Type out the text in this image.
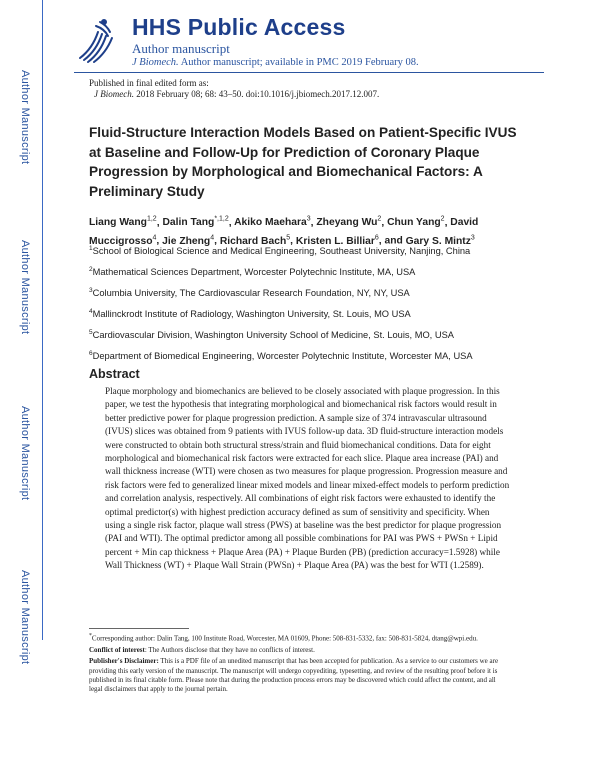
Author Manuscript
Author Manuscript
Author Manuscript
Author Manuscript
HHS Public Access
Author manuscript
J Biomech. Author manuscript; available in PMC 2019 February 08.
Published in final edited form as:
J Biomech. 2018 February 08; 68: 43–50. doi:10.1016/j.jbiomech.2017.12.007.
Fluid-Structure Interaction Models Based on Patient-Specific IVUS at Baseline and Follow-Up for Prediction of Coronary Plaque Progression by Morphological and Biomechanical Factors: A Preliminary Study
Liang Wang$^{1,2}$, Dalin Tang$^{*,1,2}$, Akiko Maehara$^3$, Zheyang Wu$^2$, Chun Yang$^2$, David Muccigrosso$^4$, Jie Zheng$^4$, Richard Bach$^5$, Kristen L. Billiar$^6$, and Gary S. Mintz$^3$
$^1$School of Biological Science and Medical Engineering, Southeast University, Nanjing, China
$^2$Mathematical Sciences Department, Worcester Polytechnic Institute, MA, USA
$^3$Columbia University, The Cardiovascular Research Foundation, NY, NY, USA
$^4$Mallinckrodt Institute of Radiology, Washington University, St. Louis, MO USA
$^5$Cardiovascular Division, Washington University School of Medicine, St. Louis, MO, USA
$^6$Department of Biomedical Engineering, Worcester Polytechnic Institute, Worcester MA, USA
Abstract
Plaque morphology and biomechanics are believed to be closely associated with plaque progression. In this paper, we test the hypothesis that integrating morphological and biomechanical risk factors would result in better predictive power for plaque progression prediction. A sample size of 374 intravascular ultrasound (IVUS) slices was obtained from 9 patients with IVUS follow-up data. 3D fluid-structure interaction models were constructed to obtain both structural stress/strain and fluid biomechanical conditions. Data for eight morphological and biomechanical risk factors were extracted for each slice. Plaque area increase (PAI) and wall thickness increase (WTI) were chosen as two measures for plaque progression. Progression measure and risk factors were fed to generalized linear mixed models and linear mixed-effect models to perform prediction and correlation analysis, respectively. All combinations of eight risk factors were exhausted to identify the optimal predictor(s) with highest prediction accuracy defined as sum of sensitivity and specificity. When using a single risk factor, plaque wall stress (PWS) at baseline was the best predictor for plaque progression (PAI and WTI). The optimal predictor among all possible combinations for PAI was PWS + PWSn + Lipid percent + Min cap thickness + Plaque Area (PA) + Plaque Burden (PB) (prediction accuracy=1.5928) while Wall Thickness (WT) + Plaque Wall Strain (PWSn) + Plaque Area (PA) was the best for WTI (1.2589).
*Corresponding author: Dalin Tang, 100 Institute Road, Worcester, MA 01609, Phone: 508-831-5332, fax: 508-831-5824, dtang@wpi.edu.
Conflict of interest: The Authors disclose that they have no conflicts of interest.
Publisher's Disclaimer: This is a PDF file of an unedited manuscript that has been accepted for publication. As a service to our customers we are providing this early version of the manuscript. The manuscript will undergo copyediting, typesetting, and review of the resulting proof before it is published in its final citable form. Please note that during the production process errors may be discovered which could affect the content, and all legal disclaimers that apply to the journal pertain.
